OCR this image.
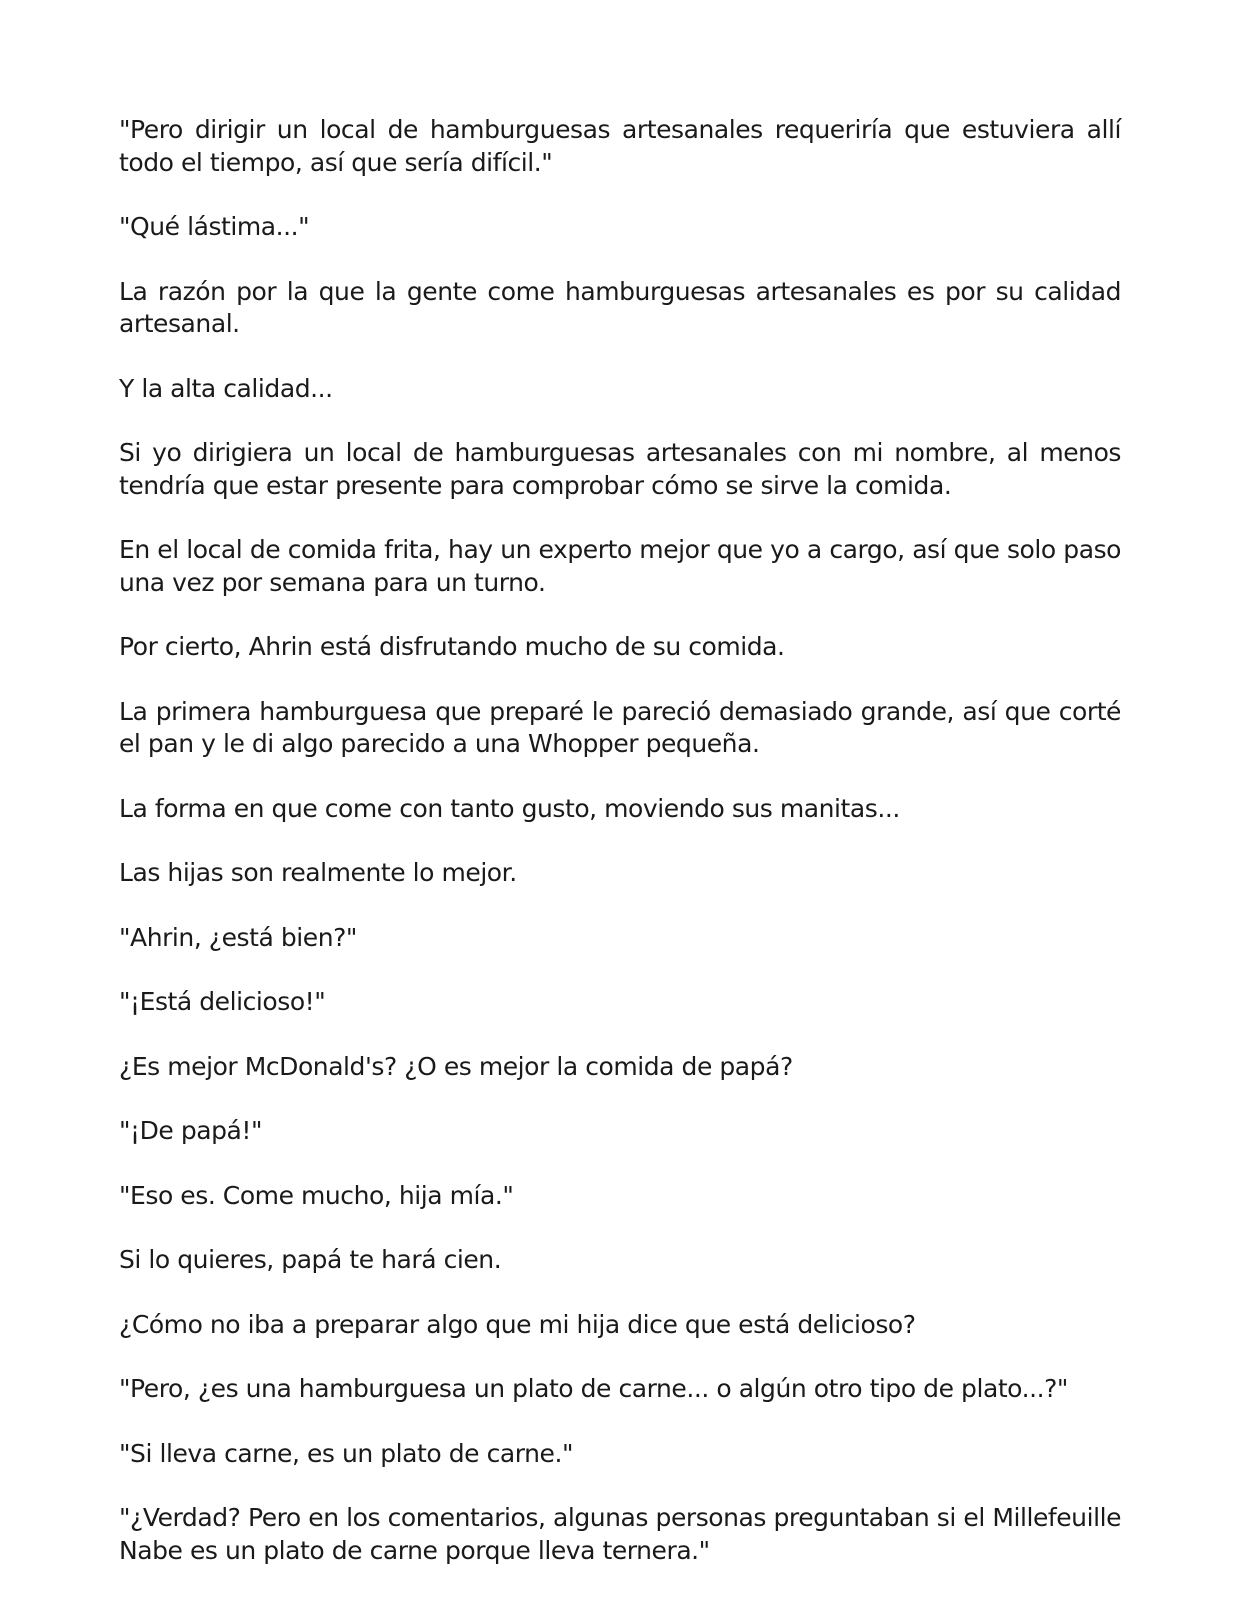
"Pero dirigir un local de hamburguesas artesanales requeriría que estuviera allí todo el tiempo, así que sería difícil."

"Qué lástima..."

La razón por la que la gente come hamburguesas artesanales es por su calidad artesanal.

Y la alta calidad...

Si yo dirigiera un local de hamburguesas artesanales con mi nombre, al menos tendría que estar presente para comprobar cómo se sirve la comida.

En el local de comida frita, hay un experto mejor que yo a cargo, así que solo paso una vez por semana para un turno.

Por cierto, Ahrin está disfrutando mucho de su comida.

La primera hamburguesa que preparé le pareció demasiado grande, así que corté el pan y le di algo parecido a una Whopper pequeña.

La forma en que come con tanto gusto, moviendo sus manitas...

Las hijas son realmente lo mejor.

"Ahrin, ¿está bien?"

"¡Está delicioso!"

¿Es mejor McDonald's? ¿O es mejor la comida de papá?

"¡De papá!"

"Eso es. Come mucho, hija mía."

Si lo quieres, papá te hará cien.

¿Cómo no iba a preparar algo que mi hija dice que está delicioso?

"Pero, ¿es una hamburguesa un plato de carne... o algún otro tipo de plato...?"

"Si lleva carne, es un plato de carne."

"¿Verdad? Pero en los comentarios, algunas personas preguntaban si el Millefeuille Nabe es un plato de carne porque lleva ternera."
